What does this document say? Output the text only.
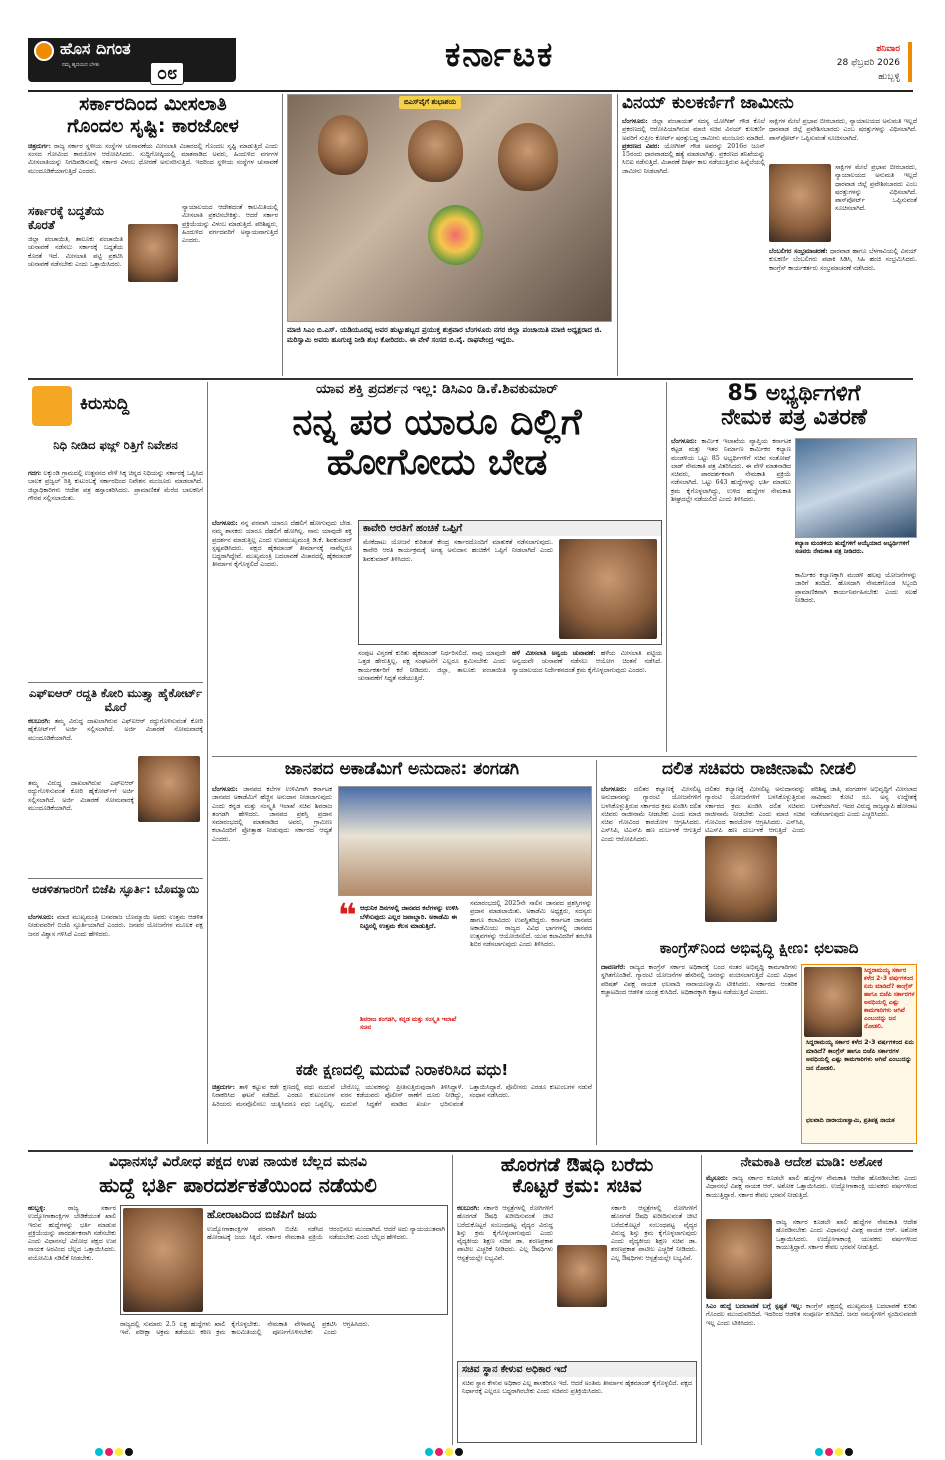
ಹೊಸ ದಿಗಂತ
ನಮ್ಮ ಹೃದಯದ ಬೆಳಕು	೦೮	ಕರ್ನಾಟಕ	ಶನಿವಾರ
28 ಫೆಬ್ರವರಿ 2026
ಹುಬ್ಬಳ್ಳಿ
ಸರ್ಕಾರದಿಂದ ಮೀಸಲಾತಿ
ಗೊಂದಲ ಸೃಷ್ಟಿ: ಕಾರಜೋಳ
ಚಿತ್ರದುರ್ಗ: ರಾಜ್ಯ ಸರ್ಕಾರ ಸ್ಥಳೀಯ ಸಂಸ್ಥೆಗಳ ಚುನಾವಣೆಯ ಮೀಸಲಾತಿ ವಿಚಾರದಲ್ಲಿ ಗೊಂದಲ ಸೃಷ್ಟಿ ಮಾಡುತ್ತಿದೆ ಎಂದು ಸಂಸದ ಗೋವಿಂದ ಕಾರಜೋಳ ಆರೋಪಿಸಿದರು. ಸುದ್ದಿಗೋಷ್ಠಿಯಲ್ಲಿ ಮಾತನಾಡಿದ ಅವರು, ಹಿಂದುಳಿದ ವರ್ಗಗಳ ಮೀಸಲಾತಿಯನ್ನು ನಿಗದಿಪಡಿಸುವಲ್ಲಿ ಸರ್ಕಾರ ವಿಳಂಬ ಧೋರಣೆ ಅನುಸರಿಸುತ್ತಿದೆ. ಇದರಿಂದ ಸ್ಥಳೀಯ ಸಂಸ್ಥೆಗಳ ಚುನಾವಣೆ ಮುಂದೂಡಿಕೆಯಾಗುತ್ತಿದೆ ಎಂದರು.
ಸರ್ಕಾರಕ್ಕೆ ಬದ್ಧತೆಯ ಕೊರತೆ
ಜಿಲ್ಲಾ ಪಂಚಾಯಿತಿ, ತಾಲೂಕು ಪಂಚಾಯಿತಿ ಚುನಾವಣೆ ನಡೆಸಲು ಸರ್ಕಾರಕ್ಕೆ ಬದ್ಧತೆಯ ಕೊರತೆ ಇದೆ. ಮೀಸಲಾತಿ ಪಟ್ಟಿ ಪ್ರಕಟಿಸಿ ಚುನಾವಣೆ ನಡೆಸಬೇಕು ಎಂದು ಒತ್ತಾಯಿಸಿದರು.
ನ್ಯಾಯಾಲಯದ ಆದೇಶದಂತೆ ಕಾಲಮಿತಿಯಲ್ಲಿ ಮೀಸಲಾತಿ ಪ್ರಕಟಿಸಬೇಕಿತ್ತು. ಆದರೆ ಸರ್ಕಾರ ಪ್ರಕ್ರಿಯೆಯನ್ನು ವಿಳಂಬ ಮಾಡುತ್ತಿದೆ. ಪರಿಶಿಷ್ಟರು, ಹಿಂದುಳಿದ ವರ್ಗದವರಿಗೆ ಅನ್ಯಾಯವಾಗುತ್ತಿದೆ ಎಂದರು.
ಬಿಎಸ್‌ವೈಗೆ ಶುಭಾಶಯ
ಮಾಜಿ ಸಿಎಂ ಬಿ.ಎಸ್. ಯಡಿಯೂರಪ್ಪ ಅವರ ಹುಟ್ಟುಹಬ್ಬದ ಪ್ರಯುಕ್ತ ಶುಕ್ರವಾರ ಬೆಂಗಳೂರು ನಗರ ಜಿಲ್ಲಾ ಪಂಚಾಯಿತಿ ಮಾಜಿ ಅಧ್ಯಕ್ಷರಾದ ಜಿ. ಮರಿಸ್ವಾಮಿ ಅವರು ಹೂಗುಚ್ಛ ನೀಡಿ ಶುಭ ಕೋರಿದರು. ಈ ವೇಳೆ ಸಂಸದ ಬಿ.ವೈ. ರಾಘವೇಂದ್ರ ಇದ್ದರು.
ವಿನಯ್ ಕುಲಕರ್ಣಿಗೆ ಜಾಮೀನು
ಬೆಂಗಳೂರು: ಜಿಲ್ಲಾ ಪಂಚಾಯತ್ ಸದಸ್ಯ ಯೋಗೀಶ್ ಗೌಡ ಕೊಲೆ ಪ್ರಕರಣದಲ್ಲಿ ಆರೋಪಿಯಾಗಿರುವ ಮಾಜಿ ಸಚಿವ ವಿನಯ್ ಕುಲಕರ್ಣಿ ಅವರಿಗೆ ಸುಪ್ರೀಂ ಕೋರ್ಟ್ ಷರತ್ತುಬದ್ಧ ಜಾಮೀನು ಮಂಜೂರು ಮಾಡಿದೆ. ಪ್ರಕರಣದ ವಿವರ: ಯೋಗೀಶ್ ಗೌಡ ಅವರನ್ನು 2016ರ ಜೂನ್ 15ರಂದು ಧಾರವಾಡದಲ್ಲಿ ಹತ್ಯೆ ಮಾಡಲಾಗಿತ್ತು. ಪ್ರಕರಣದ ತನಿಖೆಯನ್ನು ಸಿಬಿಐ ನಡೆಸುತ್ತಿದೆ. ವಿಚಾರಣೆ ದೀರ್ಘ ಕಾಲ ನಡೆಯುತ್ತಿರುವ ಹಿನ್ನೆಲೆಯಲ್ಲಿ ಜಾಮೀನು ನೀಡಲಾಗಿದೆ.
ಸಾಕ್ಷಿಗಳ ಮೇಲೆ ಪ್ರಭಾವ ಬೀರಬಾರದು, ನ್ಯಾಯಾಲಯದ ಅನುಮತಿ ಇಲ್ಲದೆ ಧಾರವಾಡ ಜಿಲ್ಲೆ ಪ್ರವೇಶಿಸಬಾರದು ಎಂಬ ಷರತ್ತುಗಳನ್ನು ವಿಧಿಸಲಾಗಿದೆ. ಪಾಸ್‌ಪೋರ್ಟ್ ಒಪ್ಪಿಸುವಂತೆ ಸೂಚಿಸಲಾಗಿದೆ.
ಸಾಕ್ಷಿಗಳ ಮೇಲೆ ಪ್ರಭಾವ ಬೀರಬಾರದು, ನ್ಯಾಯಾಲಯದ ಅನುಮತಿ ಇಲ್ಲದೆ ಧಾರವಾಡ ಜಿಲ್ಲೆ ಪ್ರವೇಶಿಸಬಾರದು ಎಂಬ ಷರತ್ತುಗಳನ್ನು ವಿಧಿಸಲಾಗಿದೆ. ಪಾಸ್‌ಪೋರ್ಟ್ ಒಪ್ಪಿಸುವಂತೆ ಸೂಚಿಸಲಾಗಿದೆ.
ಬೆಂಬಲಿಗರ ಸಂಭ್ರಮಾಚರಣೆ: ಧಾರವಾಡ ಹಾಗೂ ಬೆಳಗಾವಿಯಲ್ಲಿ ವಿನಯ್ ಕುಲಕರ್ಣಿ ಬೆಂಬಲಿಗರು ಪಟಾಕಿ ಸಿಡಿಸಿ, ಸಿಹಿ ಹಂಚಿ ಸಂಭ್ರಮಿಸಿದರು. ಕಾಂಗ್ರೆಸ್ ಕಾರ್ಯಕರ್ತರು ಸಂಭ್ರಮಾಚರಣೆ ನಡೆಸಿದರು.
ಕಿರುಸುದ್ದಿ
ನಿಧಿ ನೀಡಿದ ಫಜ್ಲ್‌ ರಿತ್ತಿಗೆ ನಿವೇಶನ
ಗದಗ: ಲಕ್ಕುಂಡಿ ಗ್ರಾಮದಲ್ಲಿ ಉತ್ಖನನದ ವೇಳೆ ಸಿಕ್ಕ ಚಿನ್ನದ ನಿಧಿಯನ್ನು ಸರ್ಕಾರಕ್ಕೆ ಒಪ್ಪಿಸಿದ ಬಾಲಕ ಪ್ರಜ್ವಲ್ ರಿತ್ತಿ ಕುಟುಂಬಕ್ಕೆ ಸರ್ಕಾರದಿಂದ ನಿವೇಶನ ಮಂಜೂರು ಮಾಡಲಾಗಿದೆ. ಜಿಲ್ಲಾಧಿಕಾರಿಗಳು ಆದೇಶ ಪತ್ರ ಹಸ್ತಾಂತರಿಸಿದರು. ಪ್ರಾಮಾಣಿಕತೆ ಮೆರೆದ ಬಾಲಕನಿಗೆ ಗೌರವ ಸಲ್ಲಿಸಲಾಯಿತು.
ಎಫ್‌ಐಆರ್ ರದ್ದತಿ ಕೋರಿ ಮುತ್ತ್ಯಾ ಹೈಕೋರ್ಟ್ ಮೊರೆ
ಕಲಬುರಗಿ: ತಮ್ಮ ವಿರುದ್ಧ ದಾಖಲಾಗಿರುವ ಎಫ್‌ಐಆರ್ ರದ್ದುಗೊಳಿಸುವಂತೆ ಕೋರಿ ಹೈಕೋರ್ಟ್‌ಗೆ ಅರ್ಜಿ ಸಲ್ಲಿಸಲಾಗಿದೆ. ಅರ್ಜಿ ವಿಚಾರಣೆ ಸೋಮವಾರಕ್ಕೆ ಮುಂದೂಡಿಕೆಯಾಗಿದೆ.
ತಮ್ಮ ವಿರುದ್ಧ ದಾಖಲಾಗಿರುವ ಎಫ್‌ಐಆರ್ ರದ್ದುಗೊಳಿಸುವಂತೆ ಕೋರಿ ಹೈಕೋರ್ಟ್‌ಗೆ ಅರ್ಜಿ ಸಲ್ಲಿಸಲಾಗಿದೆ. ಅರ್ಜಿ ವಿಚಾರಣೆ ಸೋಮವಾರಕ್ಕೆ ಮುಂದೂಡಿಕೆಯಾಗಿದೆ.
ಆಡಳಿತಗಾರರಿಗೆ ಬಿಜೆಪಿ ಸ್ಫೂರ್ತಿ: ಬೊಮ್ಮಾಯಿ
ಬೆಂಗಳೂರು: ಮಾಜಿ ಮುಖ್ಯಮಂತ್ರಿ ಬಸವರಾಜ ಬೊಮ್ಮಾಯಿ ಅವರು ಉತ್ತಮ ಆಡಳಿತ ನೀಡುವವರಿಗೆ ಬಿಜೆಪಿ ಸ್ಫೂರ್ತಿಯಾಗಿದೆ ಎಂದರು. ಜನಪರ ಯೋಜನೆಗಳ ಮೂಲಕ ಪಕ್ಷ ಜನರ ವಿಶ್ವಾಸ ಗಳಿಸಿದೆ ಎಂದು ಹೇಳಿದರು.
ಯಾವ ಶಕ್ತಿ ಪ್ರದರ್ಶನ ಇಲ್ಲ: ಡಿಸಿಎಂ ಡಿ.ಕೆ.ಶಿವಕುಮಾರ್
ನನ್ನ ಪರ ಯಾರೂ ದಿಲ್ಲಿಗೆ
ಹೋಗೋದು ಬೇಡ
ಬೆಂಗಳೂರು: ನನ್ನ ಪರವಾಗಿ ಯಾರೂ ದೆಹಲಿಗೆ ಹೋಗುವುದು ಬೇಡ. ನಮ್ಮ ಶಾಸಕರು ಯಾರೂ ದೆಹಲಿಗೆ ಹೋಗಿಲ್ಲ. ನಾನು ಯಾವುದೇ ಶಕ್ತಿ ಪ್ರದರ್ಶನ ಮಾಡುತ್ತಿಲ್ಲ ಎಂದು ಉಪಮುಖ್ಯಮಂತ್ರಿ ಡಿ.ಕೆ. ಶಿವಕುಮಾರ್ ಸ್ಪಷ್ಟಪಡಿಸಿದರು. ಪಕ್ಷದ ಹೈಕಮಾಂಡ್ ತೀರ್ಮಾನಕ್ಕೆ ನಾವೆಲ್ಲರೂ ಬದ್ಧರಾಗಿದ್ದೇವೆ. ಮುಖ್ಯಮಂತ್ರಿ ಬದಲಾವಣೆ ವಿಚಾರದಲ್ಲಿ ಹೈಕಮಾಂಡ್ ತೀರ್ಮಾನ ಕೈಗೊಳ್ಳಲಿದೆ ಎಂದರು.
ಕಾವೇರಿ ಆರತಿಗೆ ಹಂಚಿಕೆ ಒಪ್ಪಿಗೆ
ಮೇಕೆದಾಟು ಯೋಜನೆ ಕುರಿತಂತೆ ಕೇಂದ್ರ ಸರ್ಕಾರದೊಂದಿಗೆ ಮಾತುಕತೆ ನಡೆಸಲಾಗುವುದು. ಕಾವೇರಿ ಆರತಿ ಕಾರ್ಯಕ್ರಮಕ್ಕೆ ಅಗತ್ಯ ಅನುದಾನ ಹಂಚಿಕೆಗೆ ಒಪ್ಪಿಗೆ ನೀಡಲಾಗಿದೆ ಎಂದು ಶಿವಕುಮಾರ್ ತಿಳಿಸಿದರು.
ಸಂಪುಟ ವಿಸ್ತರಣೆ ಕುರಿತು ಹೈಕಮಾಂಡ್ ನಿರ್ಧರಿಸಲಿದೆ. ನಾವು ಯಾವುದೇ ಒತ್ತಡ ಹೇರುತ್ತಿಲ್ಲ. ಪಕ್ಷ ಸಂಘಟನೆಗೆ ಎಲ್ಲರೂ ಶ್ರಮಿಸಬೇಕು ಎಂದು ಕಾರ್ಯಕರ್ತರಿಗೆ ಕರೆ ನೀಡಿದರು. ಜಿಲ್ಲಾ, ತಾಲೂಕು ಪಂಚಾಯಿತಿ ಚುನಾವಣೆಗೆ ಸಿದ್ಧತೆ ನಡೆಯುತ್ತಿದೆ.
ಹಳೆ ಮೀಸಲಾತಿ ಅನ್ವಯ ಚುನಾವಣೆ: ಹಳೆಯ ಮೀಸಲಾತಿ ಪಟ್ಟಿಯ ಅನ್ವಯವೇ ಚುನಾವಣೆ ನಡೆಸಲು ಆಯೋಗ ಚಿಂತನೆ ನಡೆಸಿದೆ. ನ್ಯಾಯಾಲಯದ ನಿರ್ದೇಶನದಂತೆ ಕ್ರಮ ಕೈಗೊಳ್ಳಲಾಗುವುದು ಎಂದರು.
85 ಅಭ್ಯರ್ಥಿಗಳಿಗೆ
ನೇಮಕ ಪತ್ರ ವಿತರಣೆ
ಬೆಂಗಳೂರು: ಕಾರ್ಮಿಕ ಇಲಾಖೆಯ ವ್ಯಾಪ್ತಿಯ ಕರ್ನಾಟಕ ಕಟ್ಟಡ ಮತ್ತು ಇತರ ನಿರ್ಮಾಣ ಕಾರ್ಮಿಕರ ಕಲ್ಯಾಣ ಮಂಡಳಿಯ ಒಟ್ಟು 85 ಅಭ್ಯರ್ಥಿಗಳಿಗೆ ಸಚಿವ ಸಂತೋಷ್ ಲಾಡ್ ನೇಮಕಾತಿ ಪತ್ರ ವಿತರಿಸಿದರು. ಈ ವೇಳೆ ಮಾತನಾಡಿದ ಸಚಿವರು, ಪಾರದರ್ಶಕವಾಗಿ ನೇಮಕಾತಿ ಪ್ರಕ್ರಿಯೆ ನಡೆಸಲಾಗಿದೆ. ಒಟ್ಟು 643 ಹುದ್ದೆಗಳನ್ನು ಭರ್ತಿ ಮಾಡಲು ಕ್ರಮ ಕೈಗೊಳ್ಳಲಾಗಿದ್ದು, ಉಳಿದ ಹುದ್ದೆಗಳ ನೇಮಕಾತಿ ಶೀಘ್ರದಲ್ಲೇ ನಡೆಯಲಿದೆ ಎಂದು ತಿಳಿಸಿದರು.
ಕಲ್ಯಾಣ ಮಂಡಳಿಯ ಹುದ್ದೆಗಳಿಗೆ ಆಯ್ಕೆಯಾದ ಅಭ್ಯರ್ಥಿಗಳಿಗೆ ಸಚಿವರು ನೇಮಕಾತಿ ಪತ್ರ ನೀಡಿದರು.
ಕಾರ್ಮಿಕರ ಕಲ್ಯಾಣಕ್ಕಾಗಿ ಮಂಡಳಿ ಹಲವು ಯೋಜನೆಗಳನ್ನು ಜಾರಿಗೆ ತಂದಿದೆ. ಹೊಸದಾಗಿ ನೇಮಕಗೊಂಡ ಸಿಬ್ಬಂದಿ ಪ್ರಾಮಾಣಿಕವಾಗಿ ಕಾರ್ಯನಿರ್ವಹಿಸಬೇಕು ಎಂದು ಸಲಹೆ ನೀಡಿದರು.
ಜಾನಪದ ಅಕಾಡೆಮಿಗೆ ಅನುದಾನ: ತಂಗಡಗಿ
ಬೆಂಗಳೂರು: ಜಾನಪದ ಕಲೆಗಳ ಉಳಿವಿಗಾಗಿ ಕರ್ನಾಟಕ ಜಾನಪದ ಅಕಾಡೆಮಿಗೆ ಹೆಚ್ಚಿನ ಅನುದಾನ ನೀಡಲಾಗುವುದು ಎಂದು ಕನ್ನಡ ಮತ್ತು ಸಂಸ್ಕೃತಿ ಇಲಾಖೆ ಸಚಿವ ಶಿವರಾಜ ತಂಗಡಗಿ ಹೇಳಿದರು. ಜಾನಪದ ಪ್ರಶಸ್ತಿ ಪ್ರದಾನ ಸಮಾರಂಭದಲ್ಲಿ ಮಾತನಾಡಿದ ಅವರು, ಗ್ರಾಮೀಣ ಕಲಾವಿದರಿಗೆ ಪ್ರೋತ್ಸಾಹ ನೀಡುವುದು ಸರ್ಕಾರದ ಆದ್ಯತೆ ಎಂದರು.
❝ ಆಧುನಿಕ ದಿನಗಳಲ್ಲಿ ಜಾನಪದ ಕಲೆಗಳನ್ನು ಉಳಿಸಿ ಬೆಳೆಸುವುದು ಎಲ್ಲರ ಜವಾಬ್ದಾರಿ. ಅಕಾಡೆಮಿ ಈ ನಿಟ್ಟಿನಲ್ಲಿ ಉತ್ತಮ ಕೆಲಸ ಮಾಡುತ್ತಿದೆ.
ಶಿವರಾಜ ತಂಗಡಗಿ, ಕನ್ನಡ ಮತ್ತು ಸಂಸ್ಕೃತಿ ಇಲಾಖೆ ಸಚಿವ
ಸಮಾರಂಭದಲ್ಲಿ 2025ನೇ ಸಾಲಿನ ಜಾನಪದ ಪ್ರಶಸ್ತಿಗಳನ್ನು ಪ್ರದಾನ ಮಾಡಲಾಯಿತು. ಅಕಾಡೆಮಿ ಅಧ್ಯಕ್ಷರು, ಸದಸ್ಯರು ಹಾಗೂ ಕಲಾವಿದರು ಉಪಸ್ಥಿತರಿದ್ದರು. ಕರ್ನಾಟಕ ಜಾನಪದ ಅಕಾಡೆಮಿಯು ರಾಜ್ಯದ ವಿವಿಧ ಭಾಗಗಳಲ್ಲಿ ಜಾನಪದ ಉತ್ಸವಗಳನ್ನು ಆಯೋಜಿಸಲಿದೆ. ಯುವ ಕಲಾವಿದರಿಗೆ ತರಬೇತಿ ಶಿಬಿರ ನಡೆಸಲಾಗುವುದು ಎಂದು ತಿಳಿಸಿದರು.
ದಲಿತ ಸಚಿವರು ರಾಜೀನಾಮೆ ನೀಡಲಿ
ಬೆಂಗಳೂರು: ದಲಿತರ ಕಲ್ಯಾಣಕ್ಕೆ ಮೀಸಲಿಟ್ಟ ಅನುದಾನವನ್ನು ಗ್ಯಾರಂಟಿ ಯೋಜನೆಗಳಿಗೆ ಬಳಸಿಕೊಳ್ಳುತ್ತಿರುವ ಸರ್ಕಾರದ ಕ್ರಮ ಖಂಡಿಸಿ ದಲಿತ ಸಚಿವರು ರಾಜೀನಾಮೆ ನೀಡಬೇಕು ಎಂದು ಮಾಜಿ ಸಚಿವ ಗೋವಿಂದ ಕಾರಜೋಳ ಆಗ್ರಹಿಸಿದರು. ಎಸ್‌ಸಿಪಿ, ಟಿಎಸ್‌ಪಿ ಹಣ ದುರ್ಬಳಕೆ ಆಗುತ್ತಿದೆ ಎಂದು ಆರೋಪಿಸಿದರು.
ದಲಿತರ ಕಲ್ಯಾಣಕ್ಕೆ ಮೀಸಲಿಟ್ಟ ಅನುದಾನವನ್ನು ಗ್ಯಾರಂಟಿ ಯೋಜನೆಗಳಿಗೆ ಬಳಸಿಕೊಳ್ಳುತ್ತಿರುವ ಸರ್ಕಾರದ ಕ್ರಮ ಖಂಡಿಸಿ ದಲಿತ ಸಚಿವರು ರಾಜೀನಾಮೆ ನೀಡಬೇಕು ಎಂದು ಮಾಜಿ ಸಚಿವ ಗೋವಿಂದ ಕಾರಜೋಳ ಆಗ್ರಹಿಸಿದರು. ಎಸ್‌ಸಿಪಿ, ಟಿಎಸ್‌ಪಿ ಹಣ ದುರ್ಬಳಕೆ ಆಗುತ್ತಿದೆ ಎಂದು
ಪರಿಶಿಷ್ಟ ಜಾತಿ, ಪಂಗಡಗಳ ಅಭಿವೃದ್ಧಿಗೆ ಮೀಸಲಾದ ಸಾವಿರಾರು ಕೋಟಿ ರೂ. ಅನ್ಯ ಉದ್ದೇಶಕ್ಕೆ ಬಳಕೆಯಾಗಿದೆ. ಇದರ ವಿರುದ್ಧ ರಾಜ್ಯವ್ಯಾಪಿ ಹೋರಾಟ ನಡೆಸಲಾಗುವುದು ಎಂದು ಎಚ್ಚರಿಸಿದರು.
ಕಾಂಗ್ರೆಸ್‌ನಿಂದ ಅಭಿವೃದ್ಧಿ ಕ್ಷೀಣ: ಛಲವಾದಿ
ದಾವಣಗೆರೆ: ರಾಜ್ಯದ ಕಾಂಗ್ರೆಸ್ ಸರ್ಕಾರ ಅಧಿಕಾರಕ್ಕೆ ಬಂದ ನಂತರ ಅಭಿವೃದ್ಧಿ ಕಾಮಗಾರಿಗಳು ಸ್ಥಗಿತಗೊಂಡಿವೆ. ಗ್ಯಾರಂಟಿ ಯೋಜನೆಗಳ ಹೆಸರಿನಲ್ಲಿ ಜನರನ್ನು ವಂಚಿಸಲಾಗುತ್ತಿದೆ ಎಂದು ವಿಧಾನ ಪರಿಷತ್ ವಿಪಕ್ಷ ನಾಯಕ ಛಲವಾದಿ ನಾರಾಯಣಸ್ವಾಮಿ ಟೀಕಿಸಿದರು. ಸರ್ಕಾರದ ಆಂತರಿಕ ಕಚ್ಚಾಟದಿಂದ ಆಡಳಿತ ಯಂತ್ರ ಕುಸಿದಿದೆ. ಅಧಿಕಾರಕ್ಕಾಗಿ ಕಿತ್ತಾಟ ನಡೆಯುತ್ತಿದೆ ಎಂದರು.
ಸಿದ್ದರಾಮಯ್ಯ ಸರ್ಕಾರ ಕಳೆದ 2-3 ವರ್ಷಗಳಿಂದ ಏನು ಮಾಡಿದೆ? ಕಾಂಗ್ರೆಸ್ ಹಾಗೂ ಬಿಜೆಪಿ ಸರ್ಕಾರಗಳ ಅವಧಿಯಲ್ಲಿ ಎಷ್ಟು ಕಾಮಗಾರಿಗಳು ಆಗಿವೆ ಎಂಬುದನ್ನು ಜನ ನೋಡಲಿ.
ಸಿದ್ದರಾಮಯ್ಯ ಸರ್ಕಾರ ಕಳೆದ 2-3 ವರ್ಷಗಳಿಂದ ಏನು ಮಾಡಿದೆ? ಕಾಂಗ್ರೆಸ್ ಹಾಗೂ ಬಿಜೆಪಿ ಸರ್ಕಾರಗಳ ಅವಧಿಯಲ್ಲಿ ಎಷ್ಟು ಕಾಮಗಾರಿಗಳು ಆಗಿವೆ ಎಂಬುದನ್ನು ಜನ ನೋಡಲಿ.
ಛಲವಾದಿ ನಾರಾಯಣಸ್ವಾಮಿ, ಪ್ರತಿಪಕ್ಷ ನಾಯಕ
ಕಡೇ ಕ್ಷಣದಲ್ಲಿ ಮದುವೆ ನಿರಾಕರಿಸಿದ ವಧು!
ಚಿತ್ರದುರ್ಗ: ತಾಳಿ ಕಟ್ಟುವ ಕಡೇ ಕ್ಷಣದಲ್ಲಿ ವಧು ಮದುವೆ ನಿರಾಕರಿಸಿದ ಘಟನೆ ನಡೆದಿದೆ. ಎರಡೂ ಕುಟುಂಬಗಳ ಹಿರಿಯರು ಮನವೊಲಿಸಲು ಯತ್ನಿಸಿದರೂ ವಧು ಒಪ್ಪಲಿಲ್ಲ. ಬೇರೊಬ್ಬ ಯುವಕನನ್ನು ಪ್ರೀತಿಸುತ್ತಿರುವುದಾಗಿ ತಿಳಿಸಿದ್ದಾಳೆ. ವರನ ಕಡೆಯವರು ಪೊಲೀಸ್ ಠಾಣೆಗೆ ದೂರು ನೀಡಿದ್ದು, ಮದುವೆ ಸಿದ್ಧತೆಗೆ ಮಾಡಿದ ಖರ್ಚು ಭರಿಸುವಂತೆ ಒತ್ತಾಯಿಸಿದ್ದಾರೆ. ಪೊಲೀಸರು ಎರಡೂ ಕುಟುಂಬಗಳ ನಡುವೆ ಸಂಧಾನ ನಡೆಸಿದರು.
ವಿಧಾನಸಭೆ ವಿರೋಧ ಪಕ್ಷದ ಉಪ ನಾಯಕ ಬೆಲ್ಲದ ಮನವಿ
ಹುದ್ದೆ ಭರ್ತಿ ಪಾರದರ್ಶಕತೆಯಿಂದ ನಡೆಯಲಿ
ಹುಬ್ಬಳ್ಳಿ:	ರಾಜ್ಯ ಸರ್ಕಾರ ಉದ್ಯೋಗಾಕಾಂಕ್ಷಿಗಳ ಬೇಡಿಕೆಯಂತೆ ಖಾಲಿ ಇರುವ ಹುದ್ದೆಗಳನ್ನು ಭರ್ತಿ ಮಾಡುವ ಪ್ರಕ್ರಿಯೆಯನ್ನು ಪಾರದರ್ಶಕವಾಗಿ ನಡೆಸಬೇಕು ಎಂದು ವಿಧಾನಸಭೆ ವಿರೋಧ ಪಕ್ಷದ ಉಪ ನಾಯಕ ಅರವಿಂದ ಬೆಲ್ಲದ ಒತ್ತಾಯಿಸಿದರು. ವಯೋಮಿತಿ ಸಡಿಲಿಕೆ ನೀಡಬೇಕು.
ಹೋರಾಟದಿಂದ ಬಿಜೆಪಿಗೆ ಜಯ
ಉದ್ಯೋಗಾಕಾಂಕ್ಷಿಗಳ ಪರವಾಗಿ ಬಿಜೆಪಿ ನಡೆಸಿದ ಹೋರಾಟಕ್ಕೆ ಜಯ ಸಿಕ್ಕಿದೆ. ಸರ್ಕಾರ ನೇಮಕಾತಿ ಪ್ರಕ್ರಿಯೆ ಆರಂಭಿಸಲು ಮುಂದಾಗಿದೆ. ಆದರೆ ಅದು ನ್ಯಾಯಯುತವಾಗಿ ನಡೆಯಬೇಕು ಎಂದು ಬೆಲ್ಲದ ಹೇಳಿದರು.
ರಾಜ್ಯದಲ್ಲಿ ಸುಮಾರು 2.5 ಲಕ್ಷ ಹುದ್ದೆಗಳು ಖಾಲಿ ಇವೆ. ಪರೀಕ್ಷಾ ಅಕ್ರಮ ತಡೆಯಲು ಕಠಿಣ ಕ್ರಮ ಕೈಗೊಳ್ಳಬೇಕು. ನೇಮಕಾತಿ ವೇಳಾಪಟ್ಟಿ ಪ್ರಕಟಿಸಿ ಕಾಲಮಿತಿಯಲ್ಲಿ ಪೂರ್ಣಗೊಳಿಸಬೇಕು ಎಂದು ಆಗ್ರಹಿಸಿದರು.
ಹೊರಗಡೆ ಔಷಧಿ ಬರೆದು
ಕೊಟ್ಟರೆ ಕ್ರಮ: ಸಚಿವ
ಕಲಬುರಗಿ: ಸರ್ಕಾರಿ ಆಸ್ಪತ್ರೆಗಳಲ್ಲಿ ರೋಗಿಗಳಿಗೆ ಹೊರಗಡೆ ಔಷಧಿ ಖರೀದಿಸುವಂತೆ ಚೀಟಿ ಬರೆದುಕೊಟ್ಟರೆ ಸಂಬಂಧಪಟ್ಟ ವೈದ್ಯರ ವಿರುದ್ಧ ಶಿಸ್ತು ಕ್ರಮ ಕೈಗೊಳ್ಳಲಾಗುವುದು ಎಂದು ವೈದ್ಯಕೀಯ ಶಿಕ್ಷಣ ಸಚಿವ ಡಾ. ಶರಣಪ್ರಕಾಶ ಪಾಟೀಲ ಎಚ್ಚರಿಕೆ ನೀಡಿದರು. ಎಲ್ಲ ಔಷಧಿಗಳು ಆಸ್ಪತ್ರೆಯಲ್ಲೇ ಲಭ್ಯವಿವೆ.
ಸರ್ಕಾರಿ ಆಸ್ಪತ್ರೆಗಳಲ್ಲಿ ರೋಗಿಗಳಿಗೆ ಹೊರಗಡೆ ಔಷಧಿ ಖರೀದಿಸುವಂತೆ ಚೀಟಿ ಬರೆದುಕೊಟ್ಟರೆ ಸಂಬಂಧಪಟ್ಟ ವೈದ್ಯರ ವಿರುದ್ಧ ಶಿಸ್ತು ಕ್ರಮ ಕೈಗೊಳ್ಳಲಾಗುವುದು ಎಂದು ವೈದ್ಯಕೀಯ ಶಿಕ್ಷಣ ಸಚಿವ ಡಾ. ಶರಣಪ್ರಕಾಶ ಪಾಟೀಲ ಎಚ್ಚರಿಕೆ ನೀಡಿದರು. ಎಲ್ಲ ಔಷಧಿಗಳು ಆಸ್ಪತ್ರೆಯಲ್ಲೇ ಲಭ್ಯವಿವೆ.
ಸಚಿವ ಸ್ಥಾನ ಕೇಳುವ ಅಧಿಕಾರ ಇದೆ
ಸಚಿವ ಸ್ಥಾನ ಕೇಳುವ ಅಧಿಕಾರ ಎಲ್ಲ ಶಾಸಕರಿಗೂ ಇದೆ. ಆದರೆ ಅಂತಿಮ ತೀರ್ಮಾನ ಹೈಕಮಾಂಡ್ ಕೈಗೊಳ್ಳಲಿದೆ. ಪಕ್ಷದ ನಿರ್ಧಾರಕ್ಕೆ ಎಲ್ಲರೂ ಬದ್ಧರಾಗಿರಬೇಕು ಎಂದು ಸಚಿವರು ಪ್ರತಿಕ್ರಿಯಿಸಿದರು.
ನೇಮಕಾತಿ ಆದೇಶ ಮಾಡಿ: ಅಶೋಕ
ಮೈಸೂರು: ರಾಜ್ಯ ಸರ್ಕಾರ ಕೂಡಲೇ ಖಾಲಿ ಹುದ್ದೆಗಳ ನೇಮಕಾತಿ ಆದೇಶ ಹೊರಡಿಸಬೇಕು ಎಂದು ವಿಧಾನಸಭೆ ವಿಪಕ್ಷ ನಾಯಕ ಆರ್. ಅಶೋಕ ಒತ್ತಾಯಿಸಿದರು. ಉದ್ಯೋಗಾಕಾಂಕ್ಷಿ ಯುವಕರು ವರ್ಷಗಳಿಂದ ಕಾಯುತ್ತಿದ್ದಾರೆ. ಸರ್ಕಾರ ಕೇವಲ ಭರವಸೆ ನೀಡುತ್ತಿದೆ.
ರಾಜ್ಯ ಸರ್ಕಾರ ಕೂಡಲೇ ಖಾಲಿ ಹುದ್ದೆಗಳ ನೇಮಕಾತಿ ಆದೇಶ ಹೊರಡಿಸಬೇಕು ಎಂದು ವಿಧಾನಸಭೆ ವಿಪಕ್ಷ ನಾಯಕ ಆರ್. ಅಶೋಕ ಒತ್ತಾಯಿಸಿದರು. ಉದ್ಯೋಗಾಕಾಂಕ್ಷಿ ಯುವಕರು ವರ್ಷಗಳಿಂದ ಕಾಯುತ್ತಿದ್ದಾರೆ. ಸರ್ಕಾರ ಕೇವಲ ಭರವಸೆ ನೀಡುತ್ತಿದೆ.
ಸಿಎಂ ಹುದ್ದೆ ಬದಲಾವಣೆ ಬಗ್ಗೆ ಸ್ಪಷ್ಟತೆ ಇಲ್ಲ: ಕಾಂಗ್ರೆಸ್ ಪಕ್ಷದಲ್ಲಿ ಮುಖ್ಯಮಂತ್ರಿ ಬದಲಾವಣೆ ಕುರಿತು ಗೊಂದಲ ಮುಂದುವರಿದಿದೆ. ಇದರಿಂದ ಆಡಳಿತ ಸಂಪೂರ್ಣ ಕುಸಿದಿದೆ. ಜನರ ಸಮಸ್ಯೆಗಳಿಗೆ ಸ್ಪಂದಿಸುವವರೇ ಇಲ್ಲ ಎಂದು ಟೀಕಿಸಿದರು.
